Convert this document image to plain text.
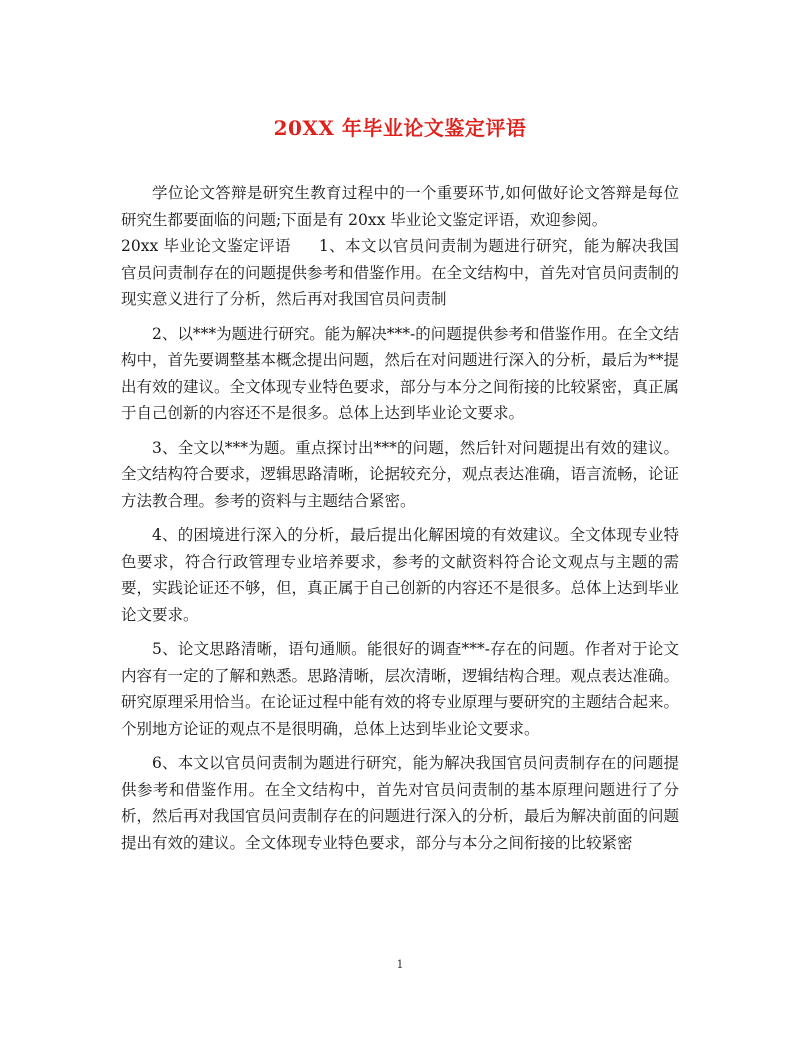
20XX 年毕业论文鉴定评语

学位论文答辩是研究生教育过程中的一个重要环节,如何做好论文答辩是每位研究生都要面临的问题;下面是有 20xx 毕业论文鉴定评语，欢迎参阅。

20xx 毕业论文鉴定评语 1、本文以官员问责制为题进行研究，能为解决我国官员问责制存在的问题提供参考和借鉴作用。在全文结构中，首先对官员问责制的现实意义进行了分析，然后再对我国官员问责制

2、以***为题进行研究。能为解决***-的问题提供参考和借鉴作用。在全文结构中，首先要调整基本概念提出问题，然后在对问题进行深入的分析，最后为**提出有效的建议。全文体现专业特色要求，部分与本分之间衔接的比较紧密，真正属于自己创新的内容还不是很多。总体上达到毕业论文要求。

3、全文以***为题。重点探讨出***的问题，然后针对问题提出有效的建议。全文结构符合要求，逻辑思路清晰，论据较充分，观点表达准确，语言流畅，论证方法教合理。参考的资料与主题结合紧密。

4、的困境进行深入的分析，最后提出化解困境的有效建议。全文体现专业特色要求，符合行政管理专业培养要求，参考的文献资料符合论文观点与主题的需要，实践论证还不够，但，真正属于自己创新的内容还不是很多。总体上达到毕业论文要求。

5、论文思路清晰，语句通顺。能很好的调查***-存在的问题。作者对于论文内容有一定的了解和熟悉。思路清晰，层次清晰，逻辑结构合理。观点表达准确。研究原理采用恰当。在论证过程中能有效的将专业原理与要研究的主题结合起来。个别地方论证的观点不是很明确，总体上达到毕业论文要求。

6、本文以官员问责制为题进行研究，能为解决我国官员问责制存在的问题提供参考和借鉴作用。在全文结构中，首先对官员问责制的基本原理问题进行了分析，然后再对我国官员问责制存在的问题进行深入的分析，最后为解决前面的问题提出有效的建议。全文体现专业特色要求，部分与本分之间衔接的比较紧密

1
